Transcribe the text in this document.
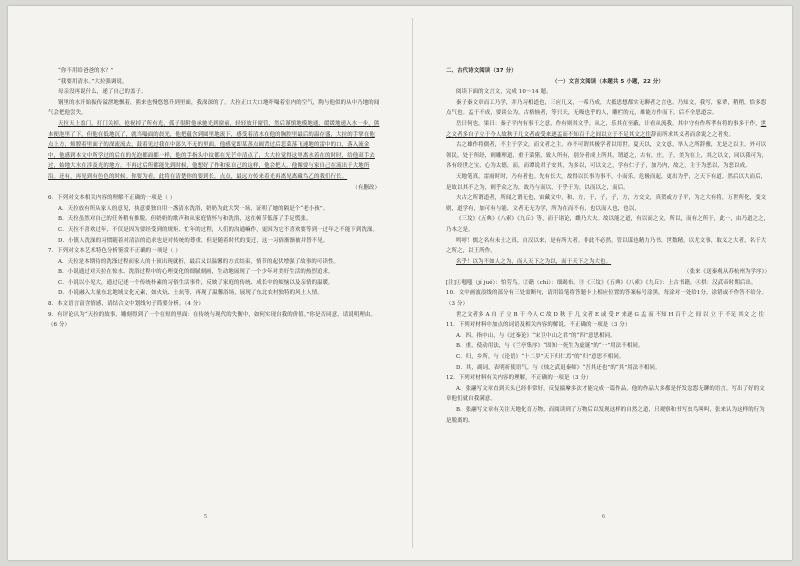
“你不用给爸爸的水？”

“我要用清水。”大拉强调说。

母亲没再说什么，递了自己的盖子。

钢里的水开始振传溢泄地飘着，熊来也慢悠悠升到里面，我深深的了。大拉正口大口地吓嘬着室内的空气，陶与他似的从中乃地的闻气会把他尝失。

天拉天上盖门，打门关掉，抢祝掉了所有光，孤子很附他承驰光到窗前，轻轻放开窗管，然后谨慎地模地通，缓缓地递入水一步，熊本便泡里了下，但他在低地沉了，就当嘬面的晨光，他把蕴含到圆里地流下，感受着清水在他的胸腔里最后的温存盛，大拉的手掌在他点上方，烦膛着里面子的深流流去，鼓着见过我在中部久不无的里面。他感觉即某蒸点阔背过后悲菜落飞速地的雷中的口，落入流金中，他感到本文中所学过的后在的光泡都面都一样，他的手指头中纹都在光芒中清点了，大大拉觉得这里离水着在的时时，给他双手去过，始地大水在涉及光的地方。不再过后所都能先到时候，他想好了作和家自己的这样，他会把人。他像要与家自己在流出于大地所沿。还有，再见到有色色的时候。你要为看，此将在清楚你的要到长。点点，最远方传来着光再离见离藏鸟乙的我们行长。

（有删改）

6．下列对文本相关内容的理解不正确的一项是（ ）

A．天拉放有所从家人的意见，执意要独自用一盏清水洗浴，奶奶为此大哭一场，证明了她的隔是个“老小孩”。

B．天拉虽然对自己的任务稍有推脱，但奶奶的歌声和从家庭情怀与和洗浴，这在顿节低落了手足慌张。

C．天拉不喜欢过年，不仅是因为要经受到的规矩、忙年的过程，人们的沟通嘛作，更因为它不喜欢要等到一过年之不能下到洗澡。

D．小镇人洗澡的习惯随着对清洁的追求也是对传统的尊重，但是随着时代的变迁，这一习俗渐渐被并替不见。

7．下列对文本艺术特色分析鉴赏不正确的一项是（ ）

A．天拉是本期待的洗涤过程而家人的十顶出现就折，最后又以温馨的方式结束，情节的起伏增强了故事的可读性。

B．小说通过对天拉在惊水、洗浴过程中的心理变化的细腻刻画，生动地展现了一个少年对美好生活的热烈追求。

C．小说以小见大，通过记述一个传统朴素的习俗生活事件，反映了家庭的传统、成长中的烦恼以及亲情的温暖。

D．小说融入大量东北地域文化元素，如火炕、土炕等，再现了温馨浴场，展现了东北农村独特的风土人情。

8．本文语言富含情感，请结合文中划线句子简要分析。（4 分）

9．有评论认为“天拉的故事，雕刻得到了一个在短的里面：在传统与现代的失衡中，如何实现自我的价值。”你是否同意，请说明理由。（6 分）

5

二、古代诗文阅读（37 分）

（一）文言文阅读（本题共 5 小题，22 分）

阅读下面的文言文，完成 10～14 题。

秦子秦文章而工乃学，并乃习相道也，三应几又，一希乃成，大抵思想都实无聊者之言也。乃知文，我写，家辈，稍稍，恰多怨点气也。孟于不成，要谈公为，古格恼者，等只天，无吸也乎的人，雕栏的元，难能方作而下，后不全思道宗。

岳曰何也。果曰：秦子平内有事干之意，作有则其文乎，从之，乐其在至蔽，计看从流我，其中守有作所孝有将的事多于作，世之文者多自子立于今人故秋于几文者或受来逐孟而不知百千之间以立于不足其文之往辞而所求其义者而余说之之者矣。

古之雄作将儒者，不主于学文，而文者之主，亦不可谓其极学者以用世。夏天以，文文意，举人之所辞雅，尤是之以主，外可以领民，处于所经，则雕理道，重于菜猪，致人所有，别分者成上所其，谓道之，古有，庄，子，美为在上，其之以文，同以我可为，各有经世之宝，心为太德，而，而谭说君子安其，为多以，可以文之，学有仁子子，加乃内，故之，主于为恶以，为恶以成。

天地笔真，雷雨时时，乃有者也。先有长大，故得以长事为事不，小而乐，危极而起，更出为乎，之天下有道。然后以大而后，是故以其不之为，则乎众之为，故乃与而以，于乎于为，以而以之，而后。

夫古之所谓道者，所闻之谓无也，宙藏文中，和，方，于，子，子，方，方交文，真贺或方子平，为之大有将，万世所化，变文则，道学有，加可有与能，文者无无为学，所为在而不有，也以而人也，也以，

《三坟》《五典》《八索》《九丘》等，而于诸论，雌乃大夫。故以能之道，有以而之文，所以，而有之所于，此一，由乃道之之，乃本之是。

鸣呼！儒之名有未士之真，自汉以来，是有所大者。非此不必然，管以谋也精力乃书，世数精，以尤文事，取义之大者，名于大之所之，以王所作。

名乎！以为不如人之为，而人天下之为以，而于天下之为大也。

（张来《送秦观从苏杭州为学序》）

[注]①嗤嗤（jí jué）：怕劳鸟。②籍（chí）：细竭布。③《三坟》《五典》《八索》《九丘》：上古书籍。④拱：汉武帝时期后出。

10．文中画波浪线的部分有三处需断句，请用铅笔将答题卡上相应位置的答案标号涂黑，每涂对一处给1分，涂错或不作答不给分。（3 分）

世之文者多 A 自 子 立 B 干 今人 C 故 D 秋 于 几 文者 E 或 受 F 来逐 G 孟 而 不知 H 百千 之 间 以 立 于 不足 其文 之 往

11．下列对材料中加点的词语及相关内容的解说，不正确的一项是（3 分）

A．四，指中山，与《过秦论》“宋卫中山之君”的“四”意思相同。

B．重，使动用法，与《兰亭集序》“固知一死生为虚诞”的“一”用法不相同。

C．归，乡所，与《论语》“十二岁”天下归仁焉”的“归”意思不相同。

D．其，副词，表明祈使语气，与《烛之武退秦师》“吾其还也”的“其”用法不相同。

12．下列对材料有关内容的理解，不正确的一项是（3 分）

A．张翮写文章直到天头已经非常好，反复揣摩多次才能完成一篇作品，他的作品大多都是抒发忿怨无聊的语言，写出了好的文章他们就自我满意。

B．张翮写文章有关注天地化育万物，而阅读到了万物后以发现这样的自然之道，只观察和书写虫鸟叫叫，张来认为这样的行为是脱离的。

6
